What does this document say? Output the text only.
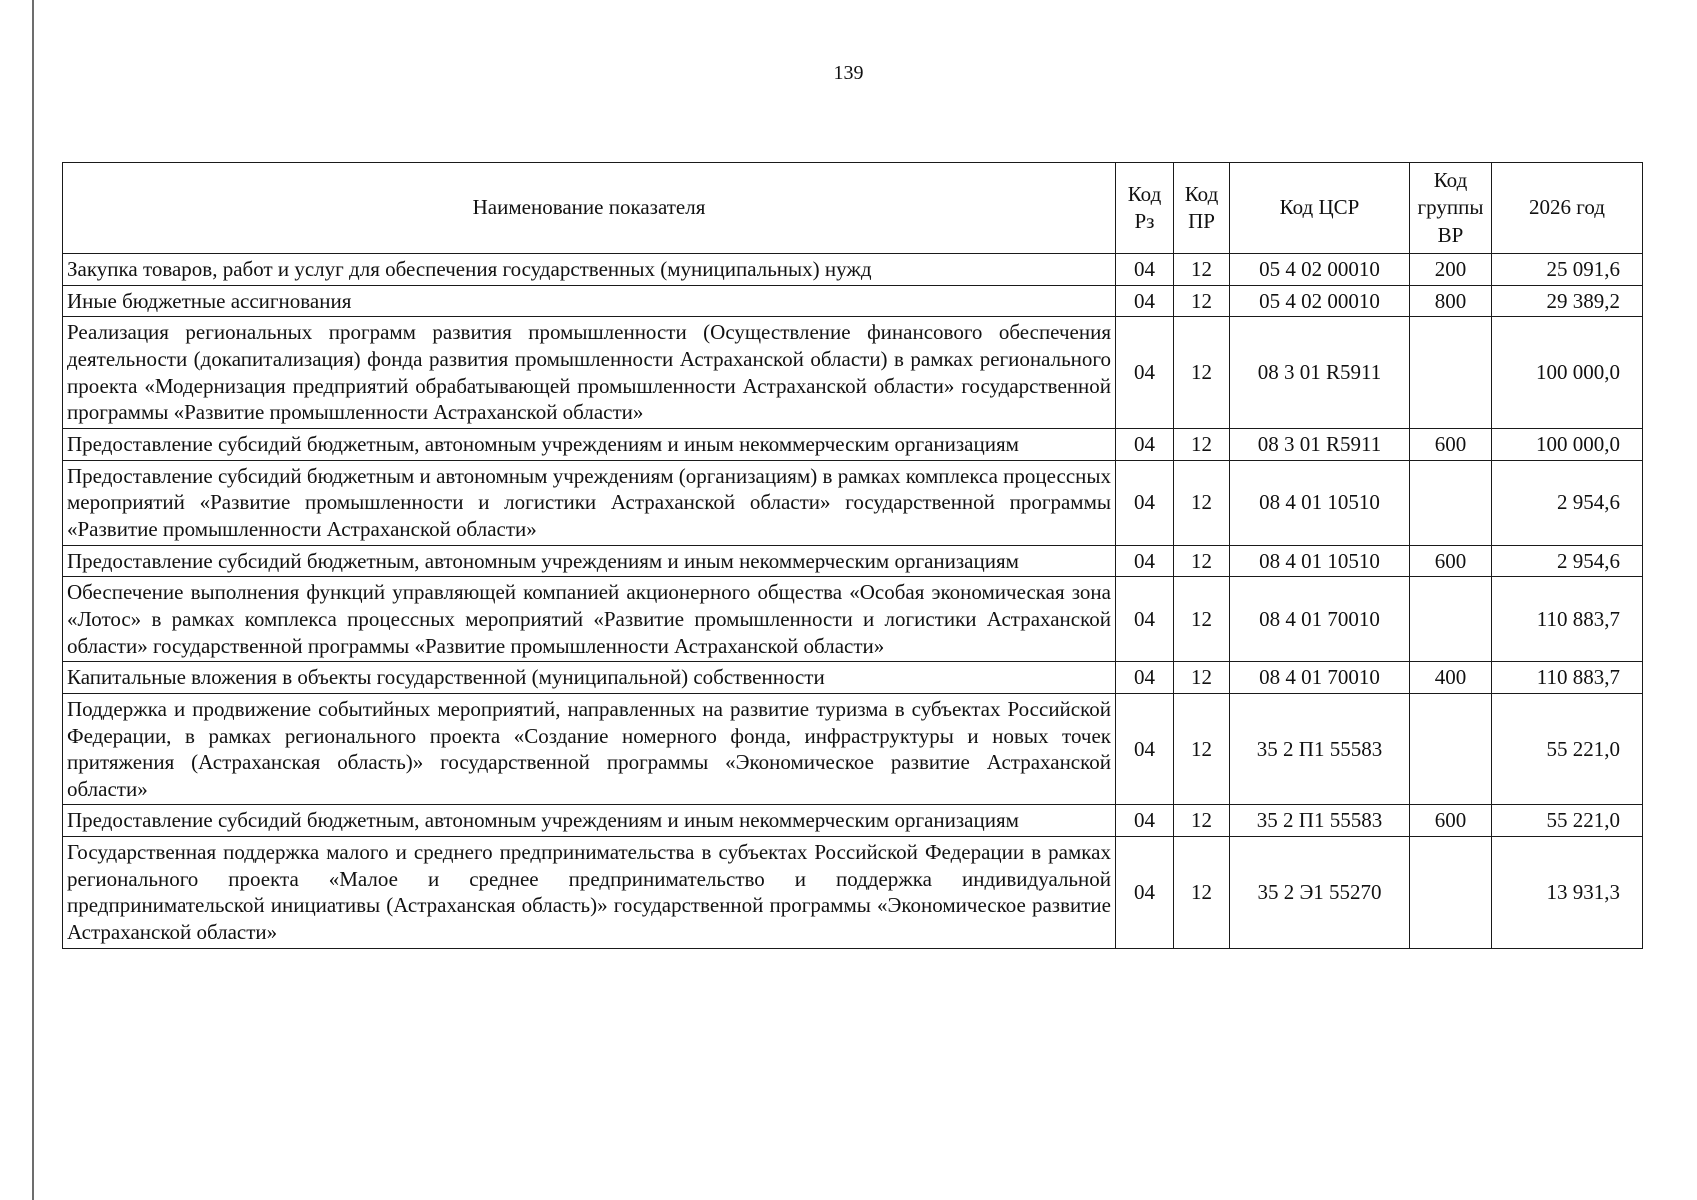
139
Наименование показателя	Код Рз	Код ПР	Код ЦСР	Код группы ВР	2026 год
Закупка товаров, работ и услуг для обеспечения государственных (муниципальных) нужд	04	12	05 4 02 00010	200	25 091,6
Иные бюджетные ассигнования	04	12	05 4 02 00010	800	29 389,2
Реализация региональных программ развития промышленности (Осуществление финансового обеспечения деятельности (докапитализация) фонда развития промышленности Астраханской области) в рамках регионального проекта «Модернизация предприятий обрабатывающей промышленности Астраханской области» государственной программы «Развитие промышленности Астраханской области»	04	12	08 3 01 R5911		100 000,0
Предоставление субсидий бюджетным, автономным учреждениям и иным некоммерческим организациям	04	12	08 3 01 R5911	600	100 000,0
Предоставление субсидий бюджетным и автономным учреждениям (организациям) в рамках комплекса процессных мероприятий «Развитие промышленности и логистики Астраханской области» государственной программы «Развитие промышленности Астраханской области»	04	12	08 4 01 10510		2 954,6
Предоставление субсидий бюджетным, автономным учреждениям и иным некоммерческим организациям	04	12	08 4 01 10510	600	2 954,6
Обеспечение выполнения функций управляющей компанией акционерного общества «Особая экономическая зона «Лотос» в рамках комплекса процессных мероприятий «Развитие промышленности и логистики Астраханской области» государственной программы «Развитие промышленности Астраханской области»	04	12	08 4 01 70010		110 883,7
Капитальные вложения в объекты государственной (муниципальной) собственности	04	12	08 4 01 70010	400	110 883,7
Поддержка и продвижение событийных мероприятий, направленных на развитие туризма в субъектах Российской Федерации, в рамках регионального проекта «Создание номерного фонда, инфраструктуры и новых точек притяжения (Астраханская область)» государственной программы «Экономическое развитие Астраханской области»	04	12	35 2 П1 55583		55 221,0
Предоставление субсидий бюджетным, автономным учреждениям и иным некоммерческим организациям	04	12	35 2 П1 55583	600	55 221,0
Государственная поддержка малого и среднего предпринимательства в субъектах Российской Федерации в рамках регионального проекта «Малое и среднее предпринимательство и поддержка индивидуальной предпринимательской инициативы (Астраханская область)» государственной программы «Экономическое развитие Астраханской области»	04	12	35 2 Э1 55270		13 931,3
